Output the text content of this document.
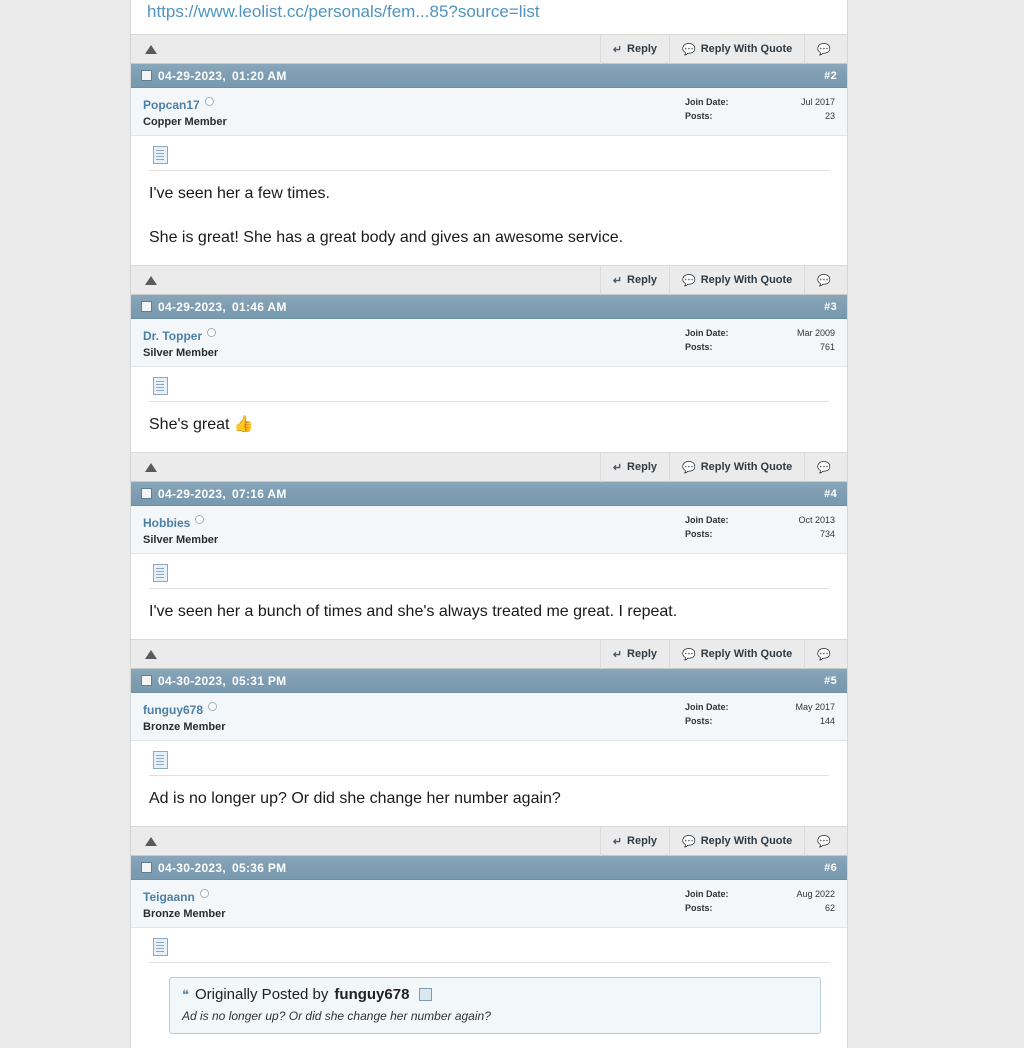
https://www.leolist.cc/personals/fem...85?source=list
↵ Reply 💬 Reply With Quote 💬
04-29-2023, 01:20 AM	#2
Popcan17
Copper Member
Join Date:	Jul 2017
Posts:	23

I've seen her a few times.

She is great! She has a great body and gives an awesome service.

↵ Reply 💬 Reply With Quote 💬
04-29-2023, 01:46 AM	#3
Dr. Topper
Silver Member
Join Date:	Mar 2009
Posts:	761

She's great 👍

↵ Reply 💬 Reply With Quote 💬
04-29-2023, 07:16 AM	#4
Hobbies
Silver Member
Join Date:	Oct 2013
Posts:	734

I've seen her a bunch of times and she's always treated me great. I repeat.

↵ Reply 💬 Reply With Quote 💬
04-30-2023, 05:31 PM	#5
funguy678
Bronze Member
Join Date:	May 2017
Posts:	144

Ad is no longer up? Or did she change her number again?

↵ Reply 💬 Reply With Quote 💬
04-30-2023, 05:36 PM	#6
Teigaann
Bronze Member
Join Date:	Aug 2022
Posts:	62
❝ Originally Posted by funguy678
Ad is no longer up? Or did she change her number again?
